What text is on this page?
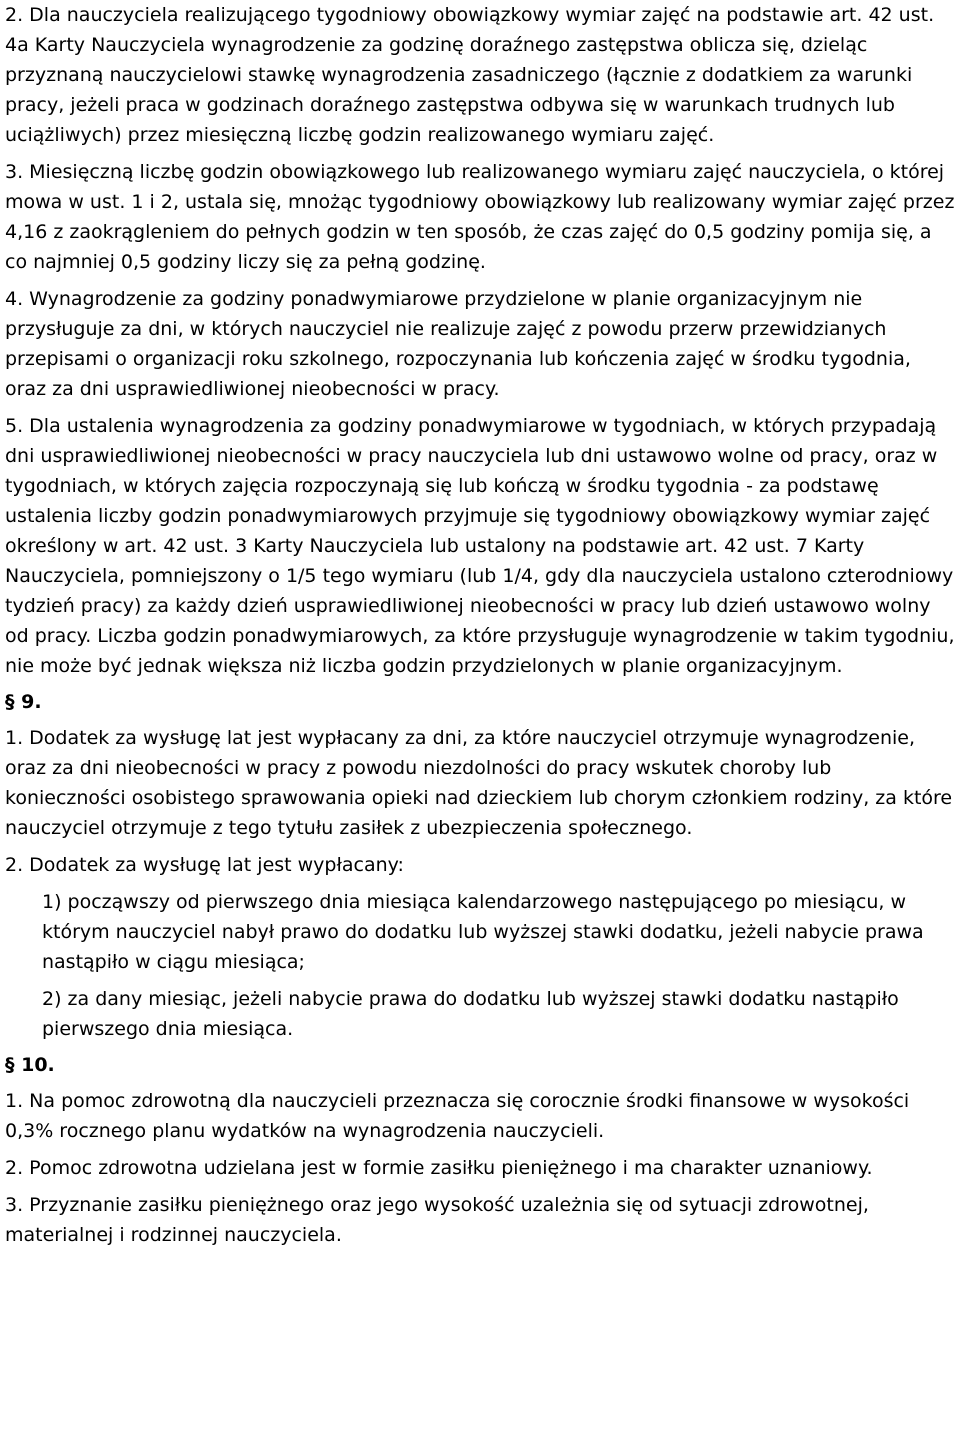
2. Dla nauczyciela realizującego tygodniowy obowiązkowy wymiar zajęć na podstawie art. 42 ust. 4a Karty Nauczyciela wynagrodzenie za godzinę doraźnego zastępstwa oblicza się, dzieląc przyznaną nauczycielowi stawkę wynagrodzenia zasadniczego (łącznie z dodatkiem za warunki pracy, jeżeli praca w godzinach doraźnego zastępstwa odbywa się w warunkach trudnych lub uciążliwych) przez miesięczną liczbę godzin realizowanego wymiaru zajęć.

3. Miesięczną liczbę godzin obowiązkowego lub realizowanego wymiaru zajęć nauczyciela, o której mowa w ust. 1 i 2, ustala się, mnożąc tygodniowy obowiązkowy lub realizowany wymiar zajęć przez 4,16 z zaokrągleniem do pełnych godzin w ten sposób, że czas zajęć do 0,5 godziny pomija się, a co najmniej 0,5 godziny liczy się za pełną godzinę.

4. Wynagrodzenie za godziny ponadwymiarowe przydzielone w planie organizacyjnym nie przysługuje za dni, w których nauczyciel nie realizuje zajęć z powodu przerw przewidzianych przepisami o organizacji roku szkolnego, rozpoczynania lub kończenia zajęć w środku tygodnia, oraz za dni usprawiedliwionej nieobecności w pracy.

5. Dla ustalenia wynagrodzenia za godziny ponadwymiarowe w tygodniach, w których przypadają dni usprawiedliwionej nieobecności w pracy nauczyciela lub dni ustawowo wolne od pracy, oraz w tygodniach, w których zajęcia rozpoczynają się lub kończą w środku tygodnia - za podstawę ustalenia liczby godzin ponadwymiarowych przyjmuje się tygodniowy obowiązkowy wymiar zajęć określony w art. 42 ust. 3 Karty Nauczyciela lub ustalony na podstawie art. 42 ust. 7 Karty Nauczyciela, pomniejszony o 1/5 tego wymiaru (lub 1/4, gdy dla nauczyciela ustalono czterodniowy tydzień pracy) za każdy dzień usprawiedliwionej nieobecności w pracy lub dzień ustawowo wolny od pracy. Liczba godzin ponadwymiarowych, za które przysługuje wynagrodzenie w takim tygodniu, nie może być jednak większa niż liczba godzin przydzielonych w planie organizacyjnym.

§ 9.

1. Dodatek za wysługę lat jest wypłacany za dni, za które nauczyciel otrzymuje wynagrodzenie, oraz za dni nieobecności w pracy z powodu niezdolności do pracy wskutek choroby lub konieczności osobistego sprawowania opieki nad dzieckiem lub chorym członkiem rodziny, za które nauczyciel otrzymuje z tego tytułu zasiłek z ubezpieczenia społecznego.

2. Dodatek za wysługę lat jest wypłacany:

1) począwszy od pierwszego dnia miesiąca kalendarzowego następującego po miesiącu, w którym nauczyciel nabył prawo do dodatku lub wyższej stawki dodatku, jeżeli nabycie prawa nastąpiło w ciągu miesiąca;

2) za dany miesiąc, jeżeli nabycie prawa do dodatku lub wyższej stawki dodatku nastąpiło pierwszego dnia miesiąca.

§ 10.

1. Na pomoc zdrowotną dla nauczycieli przeznacza się corocznie środki finansowe w wysokości 0,3% rocznego planu wydatków na wynagrodzenia nauczycieli.

2. Pomoc zdrowotna udzielana jest w formie zasiłku pieniężnego i ma charakter uznaniowy.

3. Przyznanie zasiłku pieniężnego oraz jego wysokość uzależnia się od sytuacji zdrowotnej, materialnej i rodzinnej nauczyciela.
